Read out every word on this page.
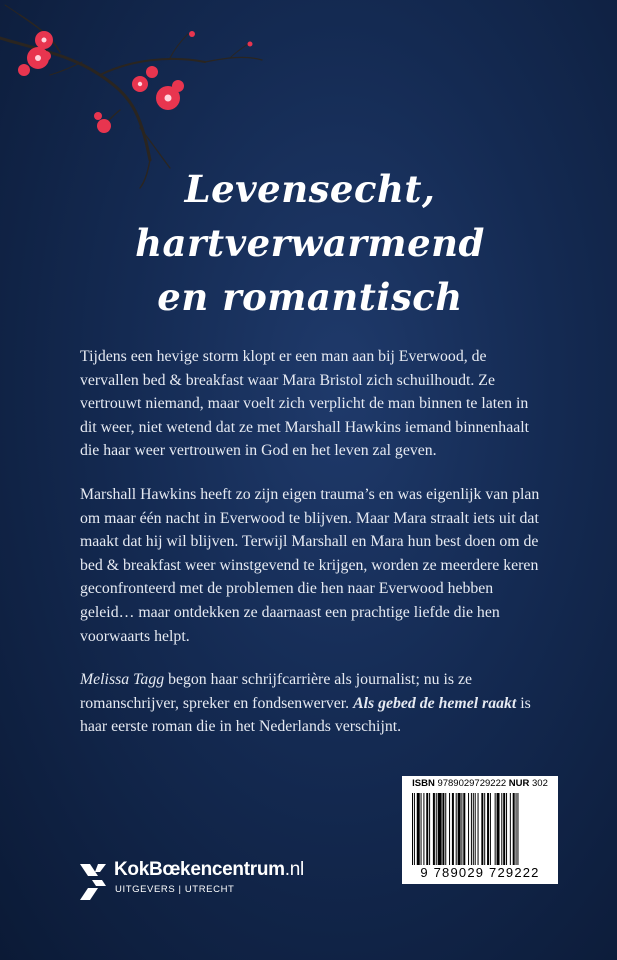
Levensecht,
hartverwarmend
en romantisch

Tijdens een hevige storm klopt er een man aan bij Everwood, de vervallen bed & breakfast waar Mara Bristol zich schuilhoudt. Ze vertrouwt niemand, maar voelt zich verplicht de man binnen te laten in dit weer, niet wetend dat ze met Marshall Hawkins iemand binnenhaalt die haar weer vertrouwen in God en het leven zal geven.

Marshall Hawkins heeft zo zijn eigen trauma’s en was eigenlijk van plan om maar één nacht in Everwood te blijven. Maar Mara straalt iets uit dat maakt dat hij wil blijven. Terwijl Marshall en Mara hun best doen om de bed & breakfast weer winstgevend te krijgen, worden ze meerdere keren geconfronteerd met de problemen die hen naar Everwood hebben geleid… maar ontdekken ze daarnaast een prachtige liefde die hen voorwaarts helpt.

Melissa Tagg begon haar schrijfcarrière als journalist; nu is ze romanschrijver, spreker en fondsenwerver. Als gebed de hemel raakt is haar eerste roman die in het Nederlands verschijnt.

ISBN 9789029729222 NUR 302
9 789029 729222
KokBœkencentrum.nl
UITGEVERS | UTRECHT
